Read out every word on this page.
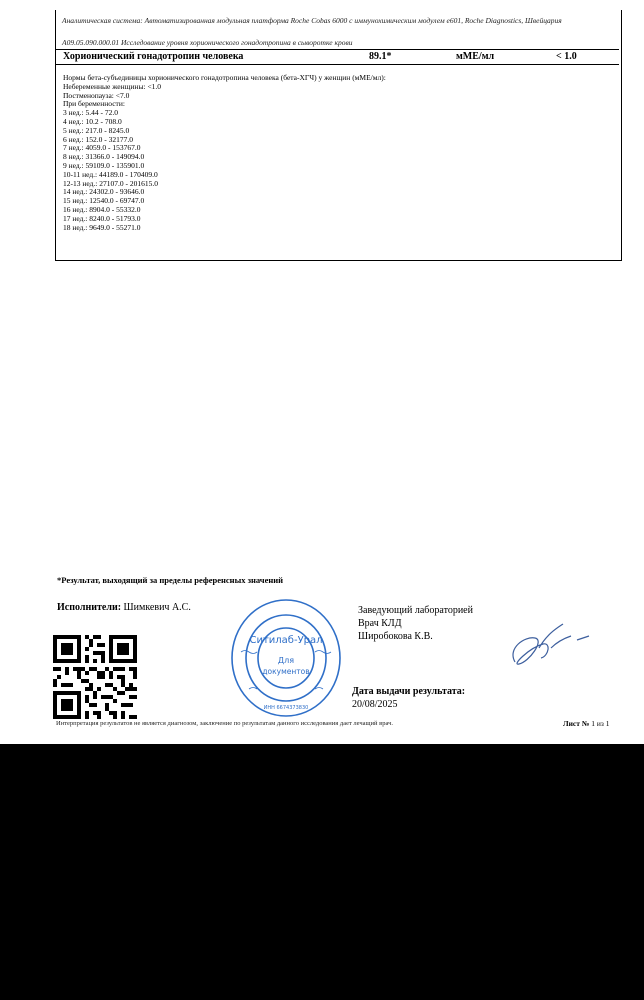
Аналитическая система: Автоматизированная модульная платформа Roche Cobas 6000 с иммунохимическим модулем e601, Roche Diagnostics, Швейцария
A09.05.090.000.01 Исследование уровня хорионического гонадотропина в сыворотке крови
Хорионический гонадотропин человека	89.1*	мМЕ/мл	< 1.0
Нормы бета-субъединицы хорионического гонадотропина человека (бета-ХГЧ) у женщин (мМЕ/мл):
Небеременные женщины: <1.0
Постменопауза: <7.0
При беременности:
3 нед.: 5.44 - 72.0
4 нед.: 10.2 - 708.0
5 нед.: 217.0 - 8245.0
6 нед.: 152.0 - 32177.0
7 нед.: 4059.0 - 153767.0
8 нед.: 31366.0 - 149094.0
9 нед.: 59109.0 - 135901.0
10-11 нед.: 44189.0 - 170409.0
12-13 нед.: 27107.0 - 201615.0
14 нед.: 24302.0 - 93646.0
15 нед.: 12540.0 - 69747.0
16 нед.: 8904.0 - 55332.0
17 нед.: 8240.0 - 51793.0
18 нед.: 9649.0 - 55271.0
*Результат, выходящий за пределы референсных значений
Исполнители: Шимкевич А.С.	Заведующий лабораторией
Врач КЛД
Широбокова К.В.
Ситилаб-Урал
Для
документов
ИНН 6674373830
Дата выдачи результата:
20/08/2025
Интерпретация результатов не является диагнозом, заключение по результатам данного исследования дает лечащий врач.	Лист № 1 из 1
